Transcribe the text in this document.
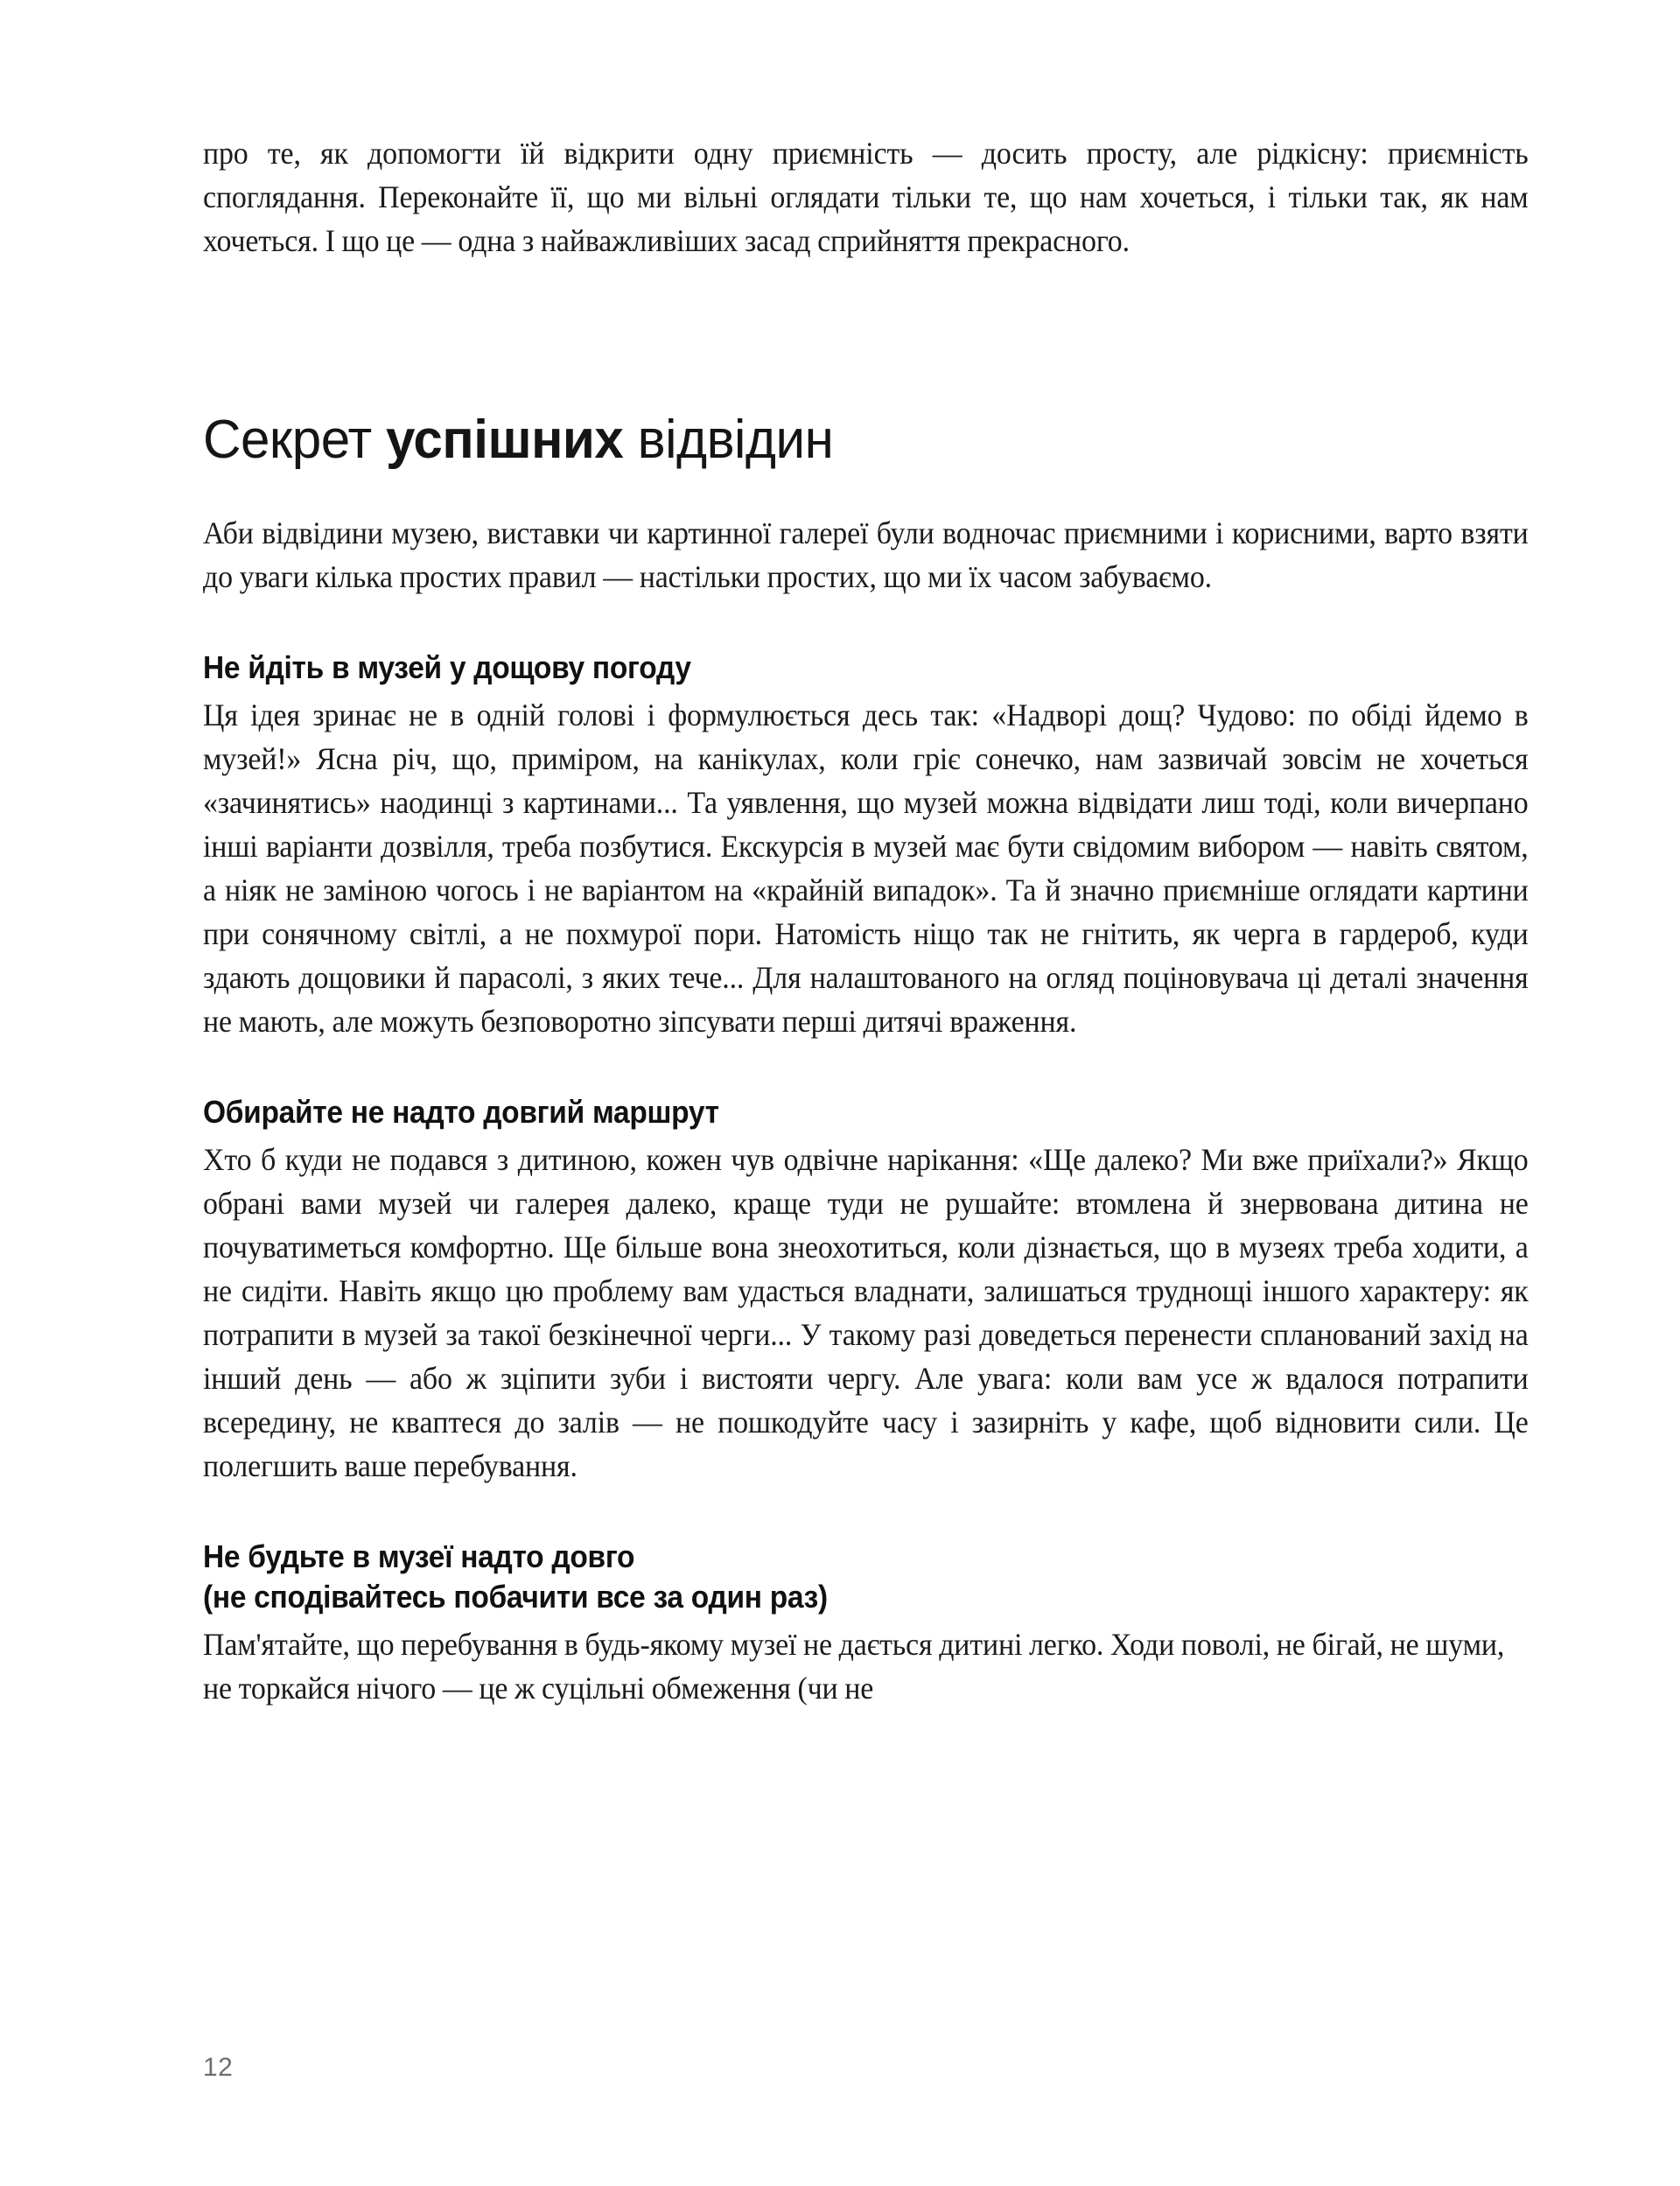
про те, як допомогти їй відкрити одну приємність — досить просту, але рідкісну: приємність споглядання. Переконайте її, що ми вільні оглядати тільки те, що нам хочеться, і тільки так, як нам хочеться. І що це — одна з найважливіших засад сприйняття прекрасного.

Секрет успішних відвідин

Аби відвідини музею, виставки чи картинної галереї були водночас приємними і корисними, варто взяти до уваги кілька простих правил — настільки простих, що ми їх часом забуваємо.

Не йдіть в музей у дощову погоду

Ця ідея зринає не в одній голові і формулюється десь так: «Надворі дощ? Чудово: по обіді йдемо в музей!» Ясна річ, що, приміром, на канікулах, коли гріє сонечко, нам зазвичай зовсім не хочеться «зачинятись» наодинці з картинами... Та уявлення, що музей можна відвідати лиш тоді, коли вичерпано інші варіанти дозвілля, треба позбутися. Екскурсія в музей має бути свідомим вибором — навіть святом, а ніяк не заміною чогось і не варіантом на «крайній випадок». Та й значно приємніше оглядати картини при сонячному світлі, а не похмурої пори. Натомість ніщо так не гнітить, як черга в гардероб, куди здають дощовики й парасолі, з яких тече... Для налаштованого на огляд поціновувача ці деталі значення не мають, але можуть безповоротно зіпсувати перші дитячі враження.

Обирайте не надто довгий маршрут

Хто б куди не подався з дитиною, кожен чув одвічне нарікання: «Ще далеко? Ми вже приїхали?» Якщо обрані вами музей чи галерея далеко, краще туди не рушайте: втомлена й знервована дитина не почуватиметься комфортно. Ще більше вона знеохотиться, коли дізнається, що в музеях треба ходити, а не сидіти. Навіть якщо цю проблему вам удасться владнати, залишаться труднощі іншого характеру: як потрапити в музей за такої безкінечної черги... У такому разі доведеться перенести спланований захід на інший день — або ж зціпити зуби і вистояти чергу. Але увага: коли вам усе ж вдалося потрапити всередину, не квaптеся до залів — не пошкодуйте часу і зазирніть у кафе, щоб відновити сили. Це полегшить ваше перебування.

Не будьте в музеї надто довго
(не сподівайтесь побачити все за один раз)

Пам'ятайте, що перебування в будь-якому музеї не дається дитині легко. Ходи поволі, не бігай, не шуми, не торкайся нічого — це ж суцільні обмеження (чи не

12
